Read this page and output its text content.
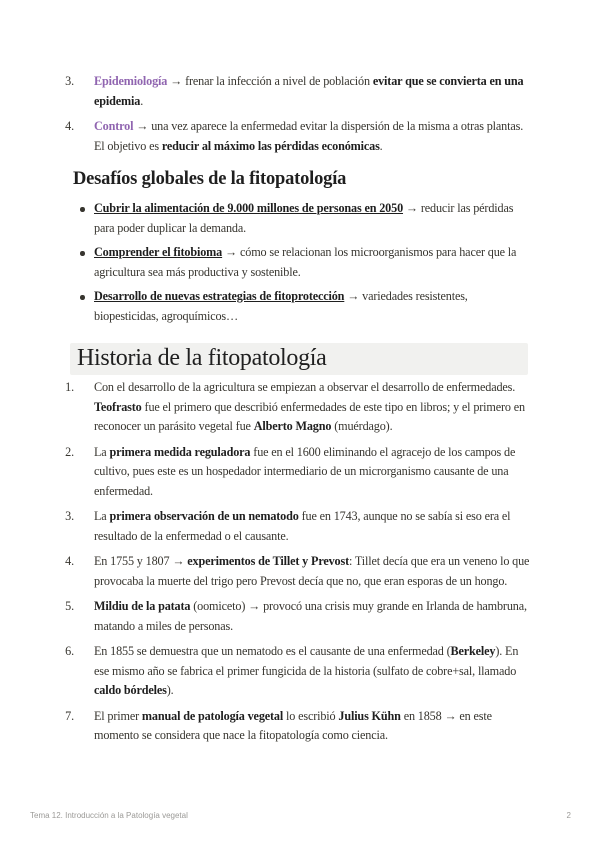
3.	Epidemiología → frenar la infección a nivel de población evitar que se convierta en una epidemia.
4.	Control → una vez aparece la enfermedad evitar la dispersión de la misma a otras plantas. El objetivo es reducir al máximo las pérdidas económicas.
Desafíos globales de la fitopatología
Cubrir la alimentación de 9.000 millones de personas en 2050 → reducir las pérdidas para poder duplicar la demanda.
Comprender el fitobioma → cómo se relacionan los microorganismos para hacer que la agricultura sea más productiva y sostenible.
Desarrollo de nuevas estrategias de fitoprotección → variedades resistentes, biopesticidas, agroquímicos…
Historia de la fitopatología
1.	Con el desarrollo de la agricultura se empiezan a observar el desarrollo de enfermedades. Teofrasto fue el primero que describió enfermedades de este tipo en libros; y el primero en reconocer un parásito vegetal fue Alberto Magno (muérdago).
2.	La primera medida reguladora fue en el 1600 eliminando el agracejo de los campos de cultivo, pues este es un hospedador intermediario de un microrganismo causante de una enfermedad.
3.	La primera observación de un nematodo fue en 1743, aunque no se sabía si eso era el resultado de la enfermedad o el causante.
4.	En 1755 y 1807 → experimentos de Tillet y Prevost: Tillet decía que era un veneno lo que provocaba la muerte del trigo pero Prevost decía que no, que eran esporas de un hongo.
5.	Mildiu de la patata (oomiceto) → provocó una crisis muy grande en Irlanda de hambruna, matando a miles de personas.
6.	En 1855 se demuestra que un nematodo es el causante de una enfermedad (Berkeley). En ese mismo año se fabrica el primer fungicida de la historia (sulfato de cobre+sal, llamado caldo bórdeles).
7.	El primer manual de patología vegetal lo escribió Julius Kühn en 1858 → en este momento se considera que nace la fitopatología como ciencia.
Tema 12. Introducción a la Patología vegetal	2
